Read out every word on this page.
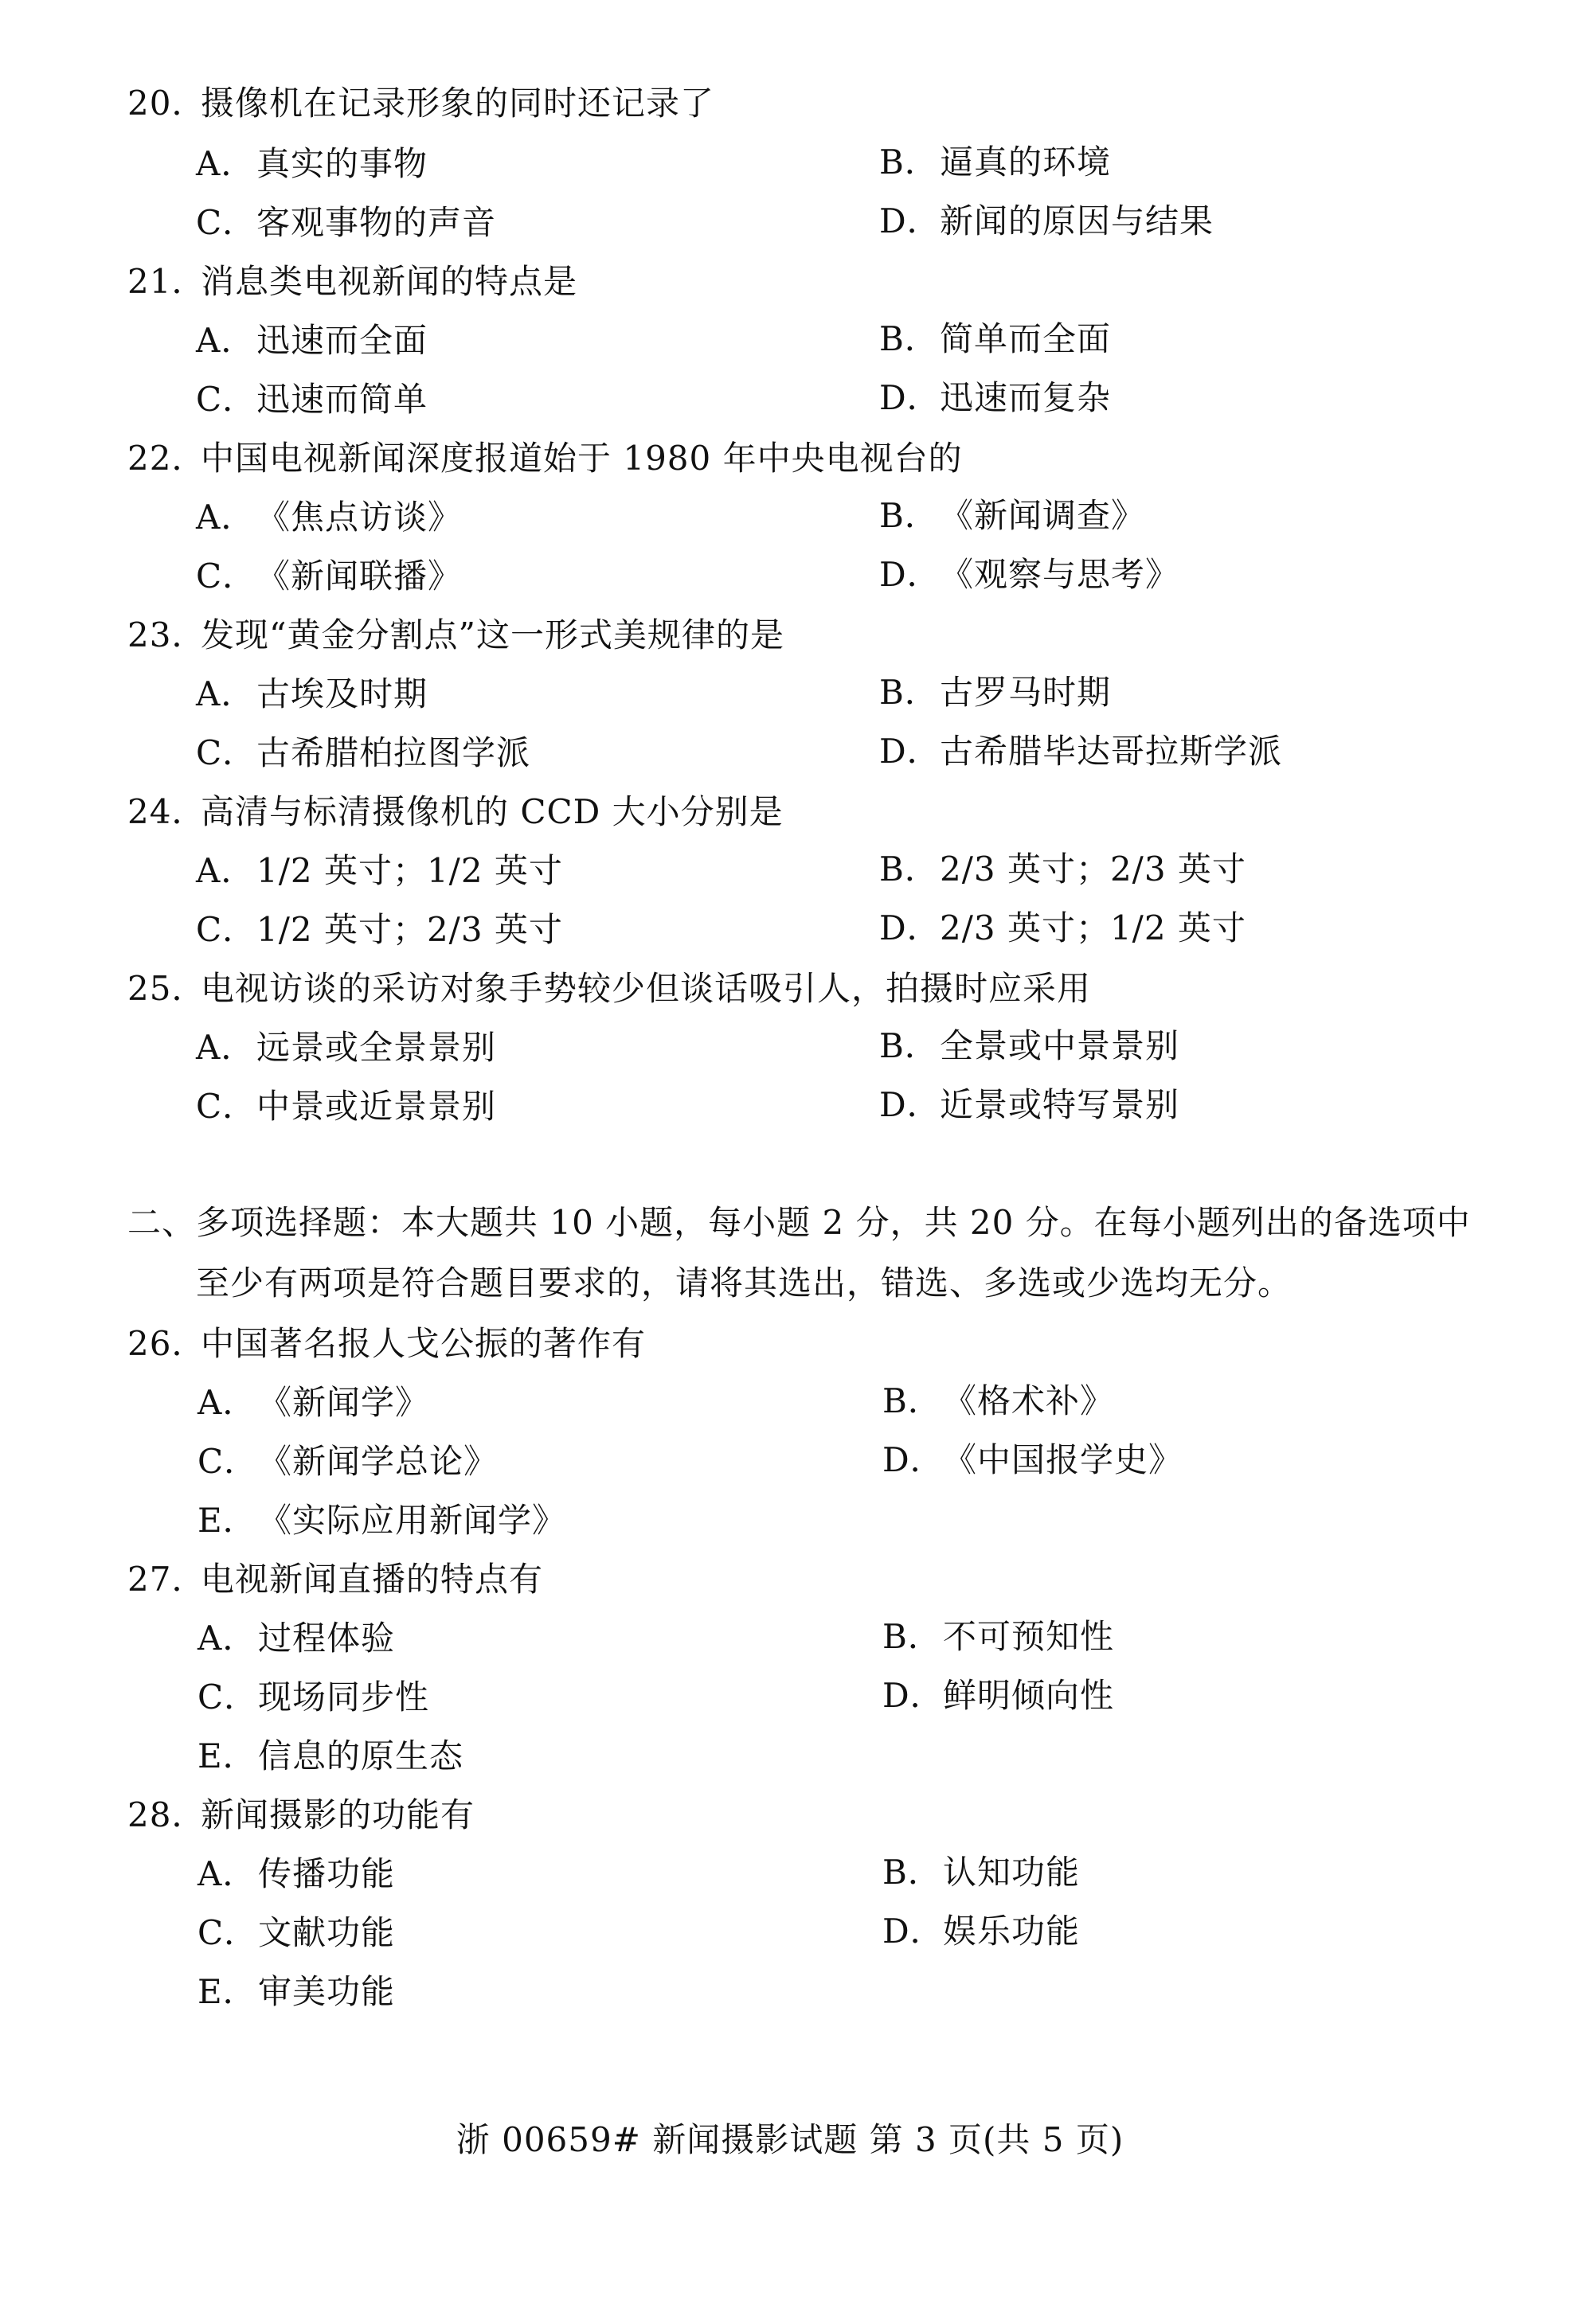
20．摄像机在记录形象的同时还记录了
A．真实的事物	B．逼真的环境
C．客观事物的声音	D．新闻的原因与结果
21．消息类电视新闻的特点是
A．迅速而全面	B．简单而全面
C．迅速而简单	D．迅速而复杂
22．中国电视新闻深度报道始于 1980 年中央电视台的
A．《焦点访谈》	B．《新闻调查》
C．《新闻联播》	D．《观察与思考》
23．发现“黄金分割点”这一形式美规律的是
A．古埃及时期	B．古罗马时期
C．古希腊柏拉图学派	D．古希腊毕达哥拉斯学派
24．高清与标清摄像机的 CCD 大小分别是
A．1/2 英寸；1/2 英寸	B．2/3 英寸；2/3 英寸
C．1/2 英寸；2/3 英寸	D．2/3 英寸；1/2 英寸
25．电视访谈的采访对象手势较少但谈话吸引人，拍摄时应采用
A．远景或全景景别	B．全景或中景景别
C．中景或近景景别	D．近景或特写景别
二、多项选择题：本大题共 10 小题，每小题 2 分，共 20 分。在每小题列出的备选项中
至少有两项是符合题目要求的，请将其选出，错选、多选或少选均无分。
26．中国著名报人戈公振的著作有
A．《新闻学》	B．《格术补》
C．《新闻学总论》	D．《中国报学史》
E．《实际应用新闻学》
27．电视新闻直播的特点有
A．过程体验	B．不可预知性
C．现场同步性	D．鲜明倾向性
E．信息的原生态
28．新闻摄影的功能有
A．传播功能	B．认知功能
C．文献功能	D．娱乐功能
E．审美功能
浙 00659# 新闻摄影试题 第 3 页(共 5 页)
